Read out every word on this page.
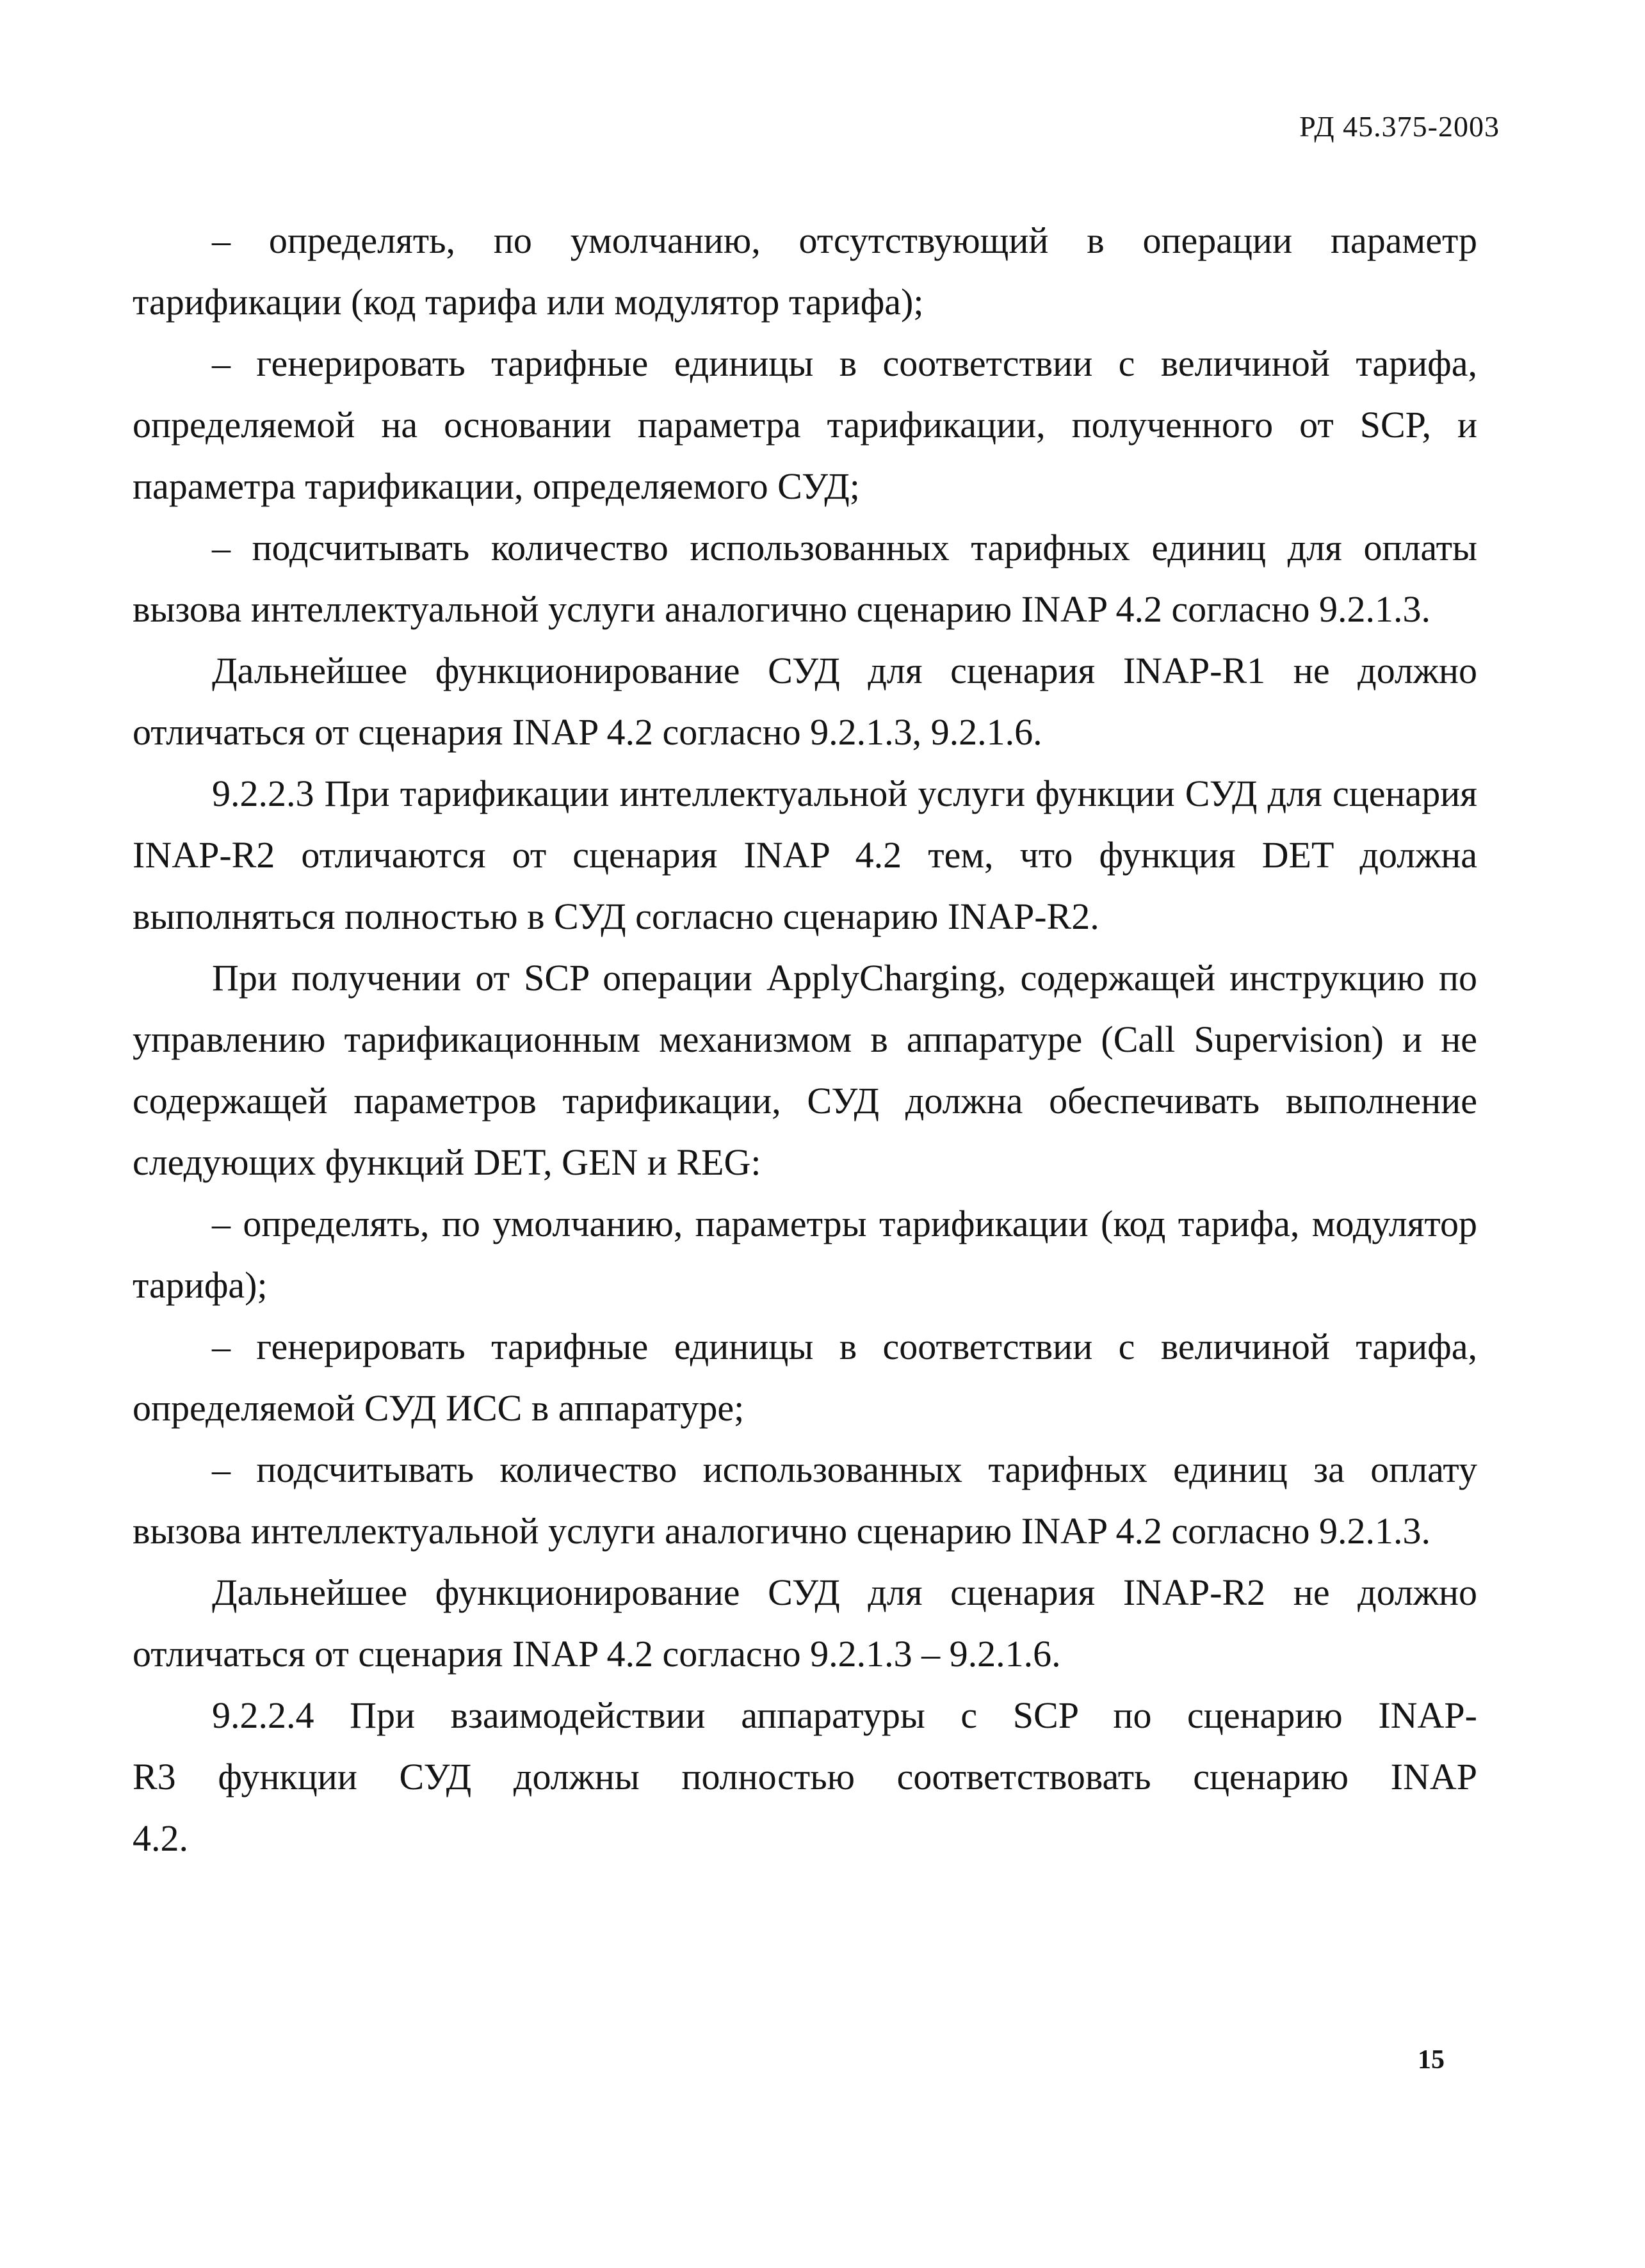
РД 45.375-2003

– определять, по умолчанию, отсутствующий в операции параметр тарификации (код тарифа или модулятор тарифа);

– генерировать тарифные единицы в соответствии с величиной тарифа, определяемой на основании параметра тарификации, полученного от SCP, и параметра тарификации, определяемого СУД;

– подсчитывать количество использованных тарифных единиц для оплаты вызова интеллектуальной услуги аналогично сценарию INAP 4.2 согласно 9.2.1.3.

Дальнейшее функционирование СУД для сценария INAP-R1 не должно отличаться от сценария INAP 4.2 согласно 9.2.1.3, 9.2.1.6.

9.2.2.3 При тарификации интеллектуальной услуги функции СУД для сценария INAP-R2 отличаются от сценария INAP 4.2 тем, что функция DET должна выполняться полностью в СУД согласно сценарию INAP-R2.

При получении от SCP операции ApplyCharging, содержащей инструкцию по управлению тарификационным механизмом в аппаратуре (Call Supervision) и не содержащей параметров тарификации, СУД должна обеспечивать выполнение следующих функций DET, GEN и REG:

– определять, по умолчанию, параметры тарификации (код тарифа, модулятор тарифа);

– генерировать тарифные единицы в соответствии с величиной тарифа, определяемой СУД ИСС в аппаратуре;

– подсчитывать количество использованных тарифных единиц за оплату вызова интеллектуальной услуги аналогично сценарию INAP 4.2 согласно 9.2.1.3.

Дальнейшее функционирование СУД для сценария INAP-R2 не должно отличаться от сценария INAP 4.2 согласно 9.2.1.3 – 9.2.1.6.

9.2.2.4 При взаимодействии аппаратуры с SCP по сценарию INAP-R3 функции СУД должны полностью соответствовать сценарию INAP 4.2.

15
